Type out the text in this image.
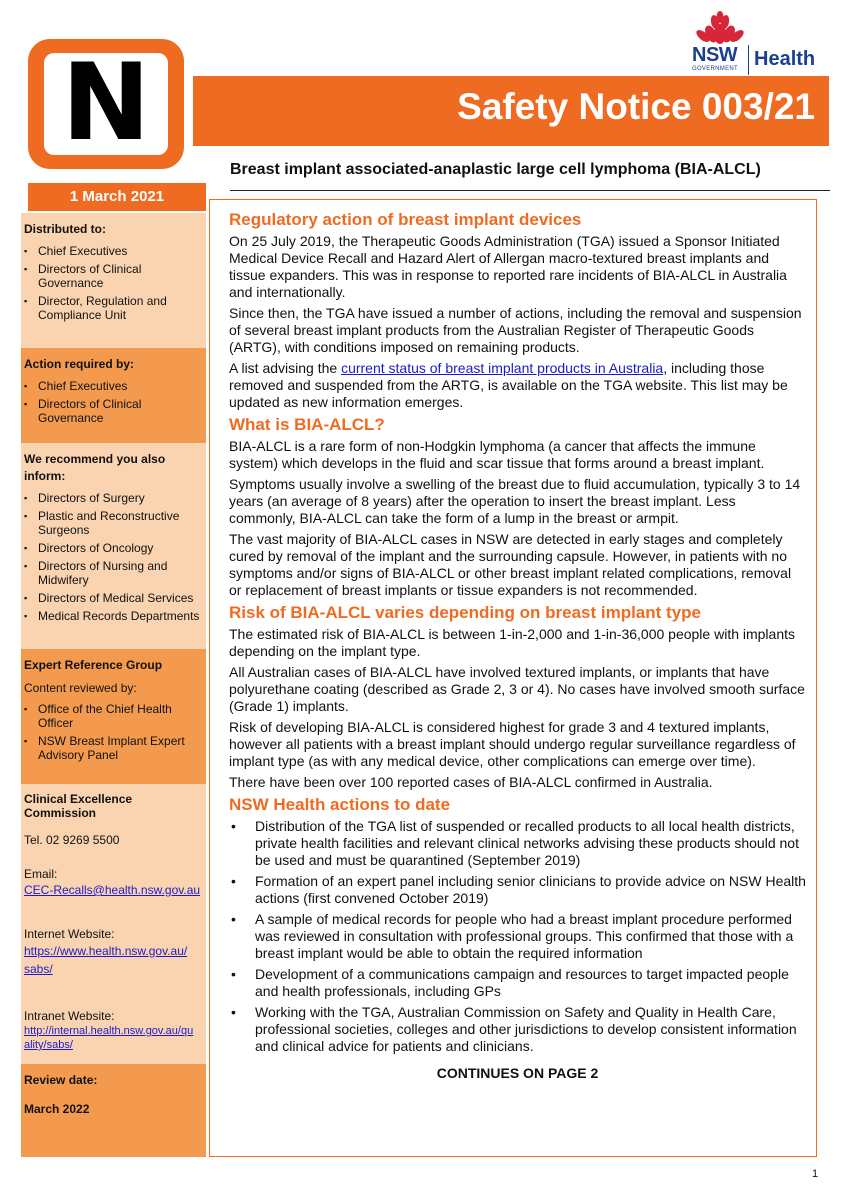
N	NSW
GOVERNMENT Health
Safety Notice 003/21
Breast implant associated-anaplastic large cell lymphoma (BIA-ALCL)
1 March 2021
Distributed to:
▪ Chief Executives
▪ Directors of Clinical Governance
▪ Director, Regulation and Compliance Unit
Action required by:
▪ Chief Executives
▪ Directors of Clinical Governance
We recommend you also inform:
▪ Directors of Surgery
▪ Plastic and Reconstructive Surgeons
▪ Directors of Oncology
▪ Directors of Nursing and Midwifery
▪ Directors of Medical Services
▪ Medical Records Departments
Expert Reference Group

Content reviewed by:

▪ Office of the Chief Health Officer
▪ NSW Breast Implant Expert Advisory Panel
Clinical Excellence Commission

Tel. 02 9269 5500

Email:

CEC-Recalls@health.nsw.gov.au

Internet Website:

https://www.health.nsw.gov.au/
sabs/

Intranet Website:

http://internal.health.nsw.gov.au/qu
ality/sabs/

Review date:
March 2022
Regulatory action of breast implant devices

On 25 July 2019, the Therapeutic Goods Administration (TGA) issued a Sponsor Initiated Medical Device Recall and Hazard Alert of Allergan macro-textured breast implants and tissue expanders. This was in response to reported rare incidents of BIA-ALCL in Australia and internationally.

Since then, the TGA have issued a number of actions, including the removal and suspension of several breast implant products from the Australian Register of Therapeutic Goods (ARTG), with conditions imposed on remaining products.

A list advising the current status of breast implant products in Australia, including those removed and suspended from the ARTG, is available on the TGA website. This list may be updated as new information emerges.

What is BIA-ALCL?

BIA-ALCL is a rare form of non-Hodgkin lymphoma (a cancer that affects the immune system) which develops in the fluid and scar tissue that forms around a breast implant.

Symptoms usually involve a swelling of the breast due to fluid accumulation, typically 3 to 14 years (an average of 8 years) after the operation to insert the breast implant. Less commonly, BIA-ALCL can take the form of a lump in the breast or armpit.

The vast majority of BIA-ALCL cases in NSW are detected in early stages and completely cured by removal of the implant and the surrounding capsule. However, in patients with no symptoms and/or signs of BIA-ALCL or other breast implant related complications, removal or replacement of breast implants or tissue expanders is not recommended.

Risk of BIA-ALCL varies depending on breast implant type

The estimated risk of BIA-ALCL is between 1-in-2,000 and 1-in-36,000 people with implants depending on the implant type.

All Australian cases of BIA-ALCL have involved textured implants, or implants that have polyurethane coating (described as Grade 2, 3 or 4). No cases have involved smooth surface (Grade 1) implants.

Risk of developing BIA-ALCL is considered highest for grade 3 and 4 textured implants, however all patients with a breast implant should undergo regular surveillance regardless of implant type (as with any medical device, other complications can emerge over time).

There have been over 100 reported cases of BIA-ALCL confirmed in Australia.

NSW Health actions to date
• Distribution of the TGA list of suspended or recalled products to all local health districts, private health facilities and relevant clinical networks advising these products should not be used and must be quarantined (September 2019)
• Formation of an expert panel including senior clinicians to provide advice on NSW Health actions (first convened October 2019)
• A sample of medical records for people who had a breast implant procedure performed was reviewed in consultation with professional groups. This confirmed that those with a breast implant would be able to obtain the required information
• Development of a communications campaign and resources to target impacted people and health professionals, including GPs
• Working with the TGA, Australian Commission on Safety and Quality in Health Care, professional societies, colleges and other jurisdictions to develop consistent information and clinical advice for patients and clinicians.
CONTINUES ON PAGE 2
1
